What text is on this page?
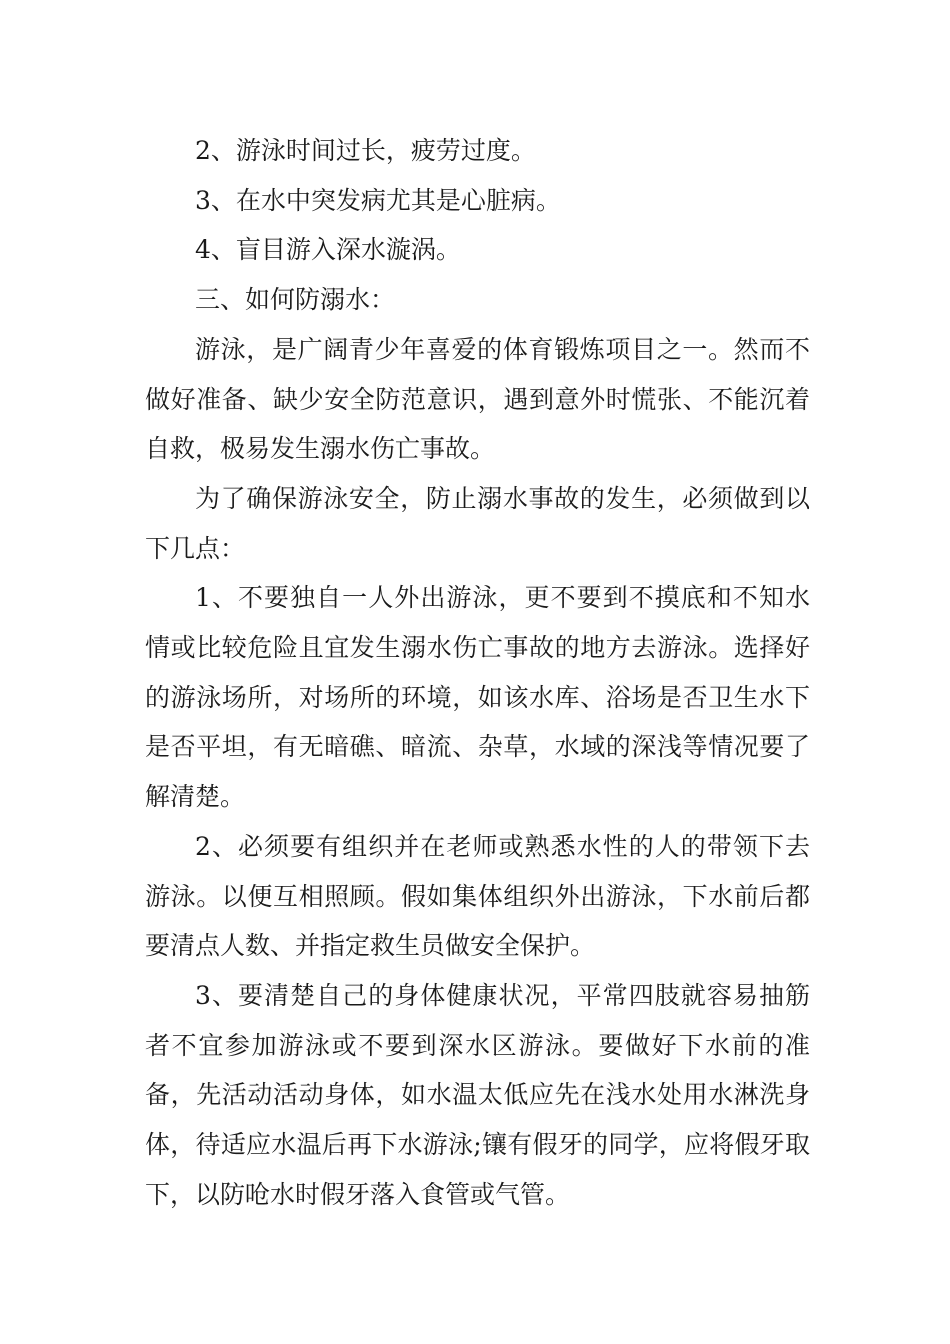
2、游泳时间过长，疲劳过度。

3、在水中突发病尤其是心脏病。

4、盲目游入深水漩涡。

三、如何防溺水：

游泳，是广阔青少年喜爱的体育锻炼项目之一。然而不做好准备、缺少安全防范意识，遇到意外时慌张、不能沉着自救，极易发生溺水伤亡事故。

为了确保游泳安全，防止溺水事故的发生，必须做到以下几点：

1、不要独自一人外出游泳，更不要到不摸底和不知水情或比较危险且宜发生溺水伤亡事故的地方去游泳。选择好的游泳场所，对场所的环境，如该水库、浴场是否卫生水下是否平坦，有无暗礁、暗流、杂草，水域的深浅等情况要了解清楚。

2、必须要有组织并在老师或熟悉水性的人的带领下去游泳。以便互相照顾。假如集体组织外出游泳，下水前后都要清点人数、并指定救生员做安全保护。

3、要清楚自己的身体健康状况，平常四肢就容易抽筋者不宜参加游泳或不要到深水区游泳。要做好下水前的准备，先活动活动身体，如水温太低应先在浅水处用水淋洗身体，待适应水温后再下水游泳;镶有假牙的同学，应将假牙取下，以防呛水时假牙落入食管或气管。
